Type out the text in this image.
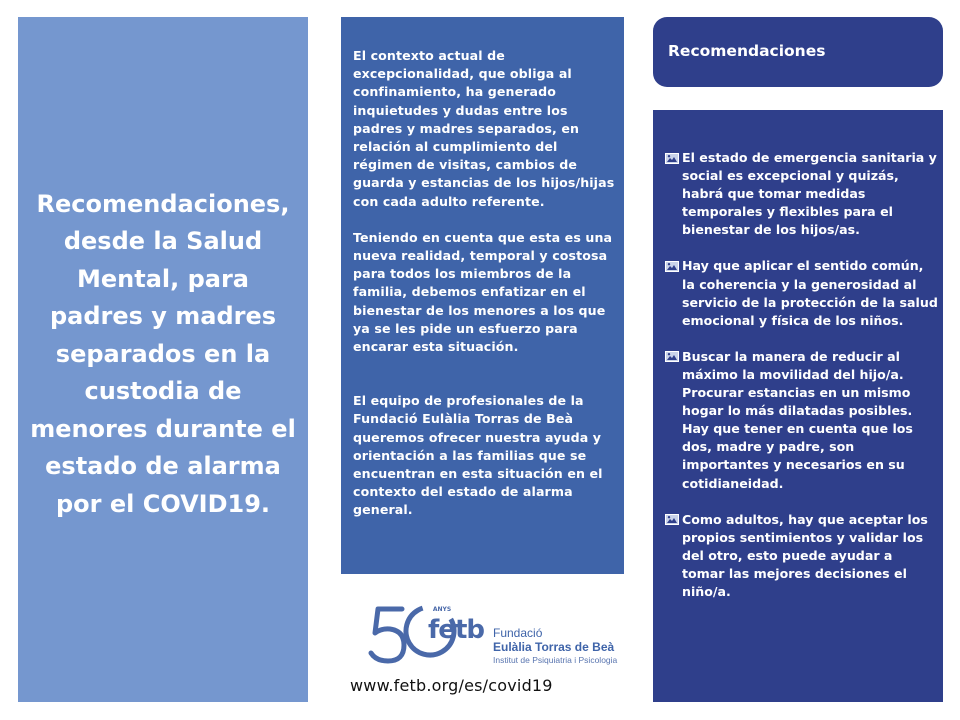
Recomendaciones, desde la Salud Mental, para padres y madres separados en la custodia de menores durante el estado de alarma por el COVID19.

El contexto actual de excepcionalidad, que obliga al confinamiento, ha generado inquietudes y dudas entre los padres y madres separados, en relación al cumplimiento del régimen de visitas, cambios de guarda y estancias de los hijos/hijas con cada adulto referente.

Teniendo en cuenta que esta es una nueva realidad, temporal y costosa para todos los miembros de la familia, debemos enfatizar en el bienestar de los menores a los que ya se les pide un esfuerzo para encarar esta situación.

El equipo de profesionales de la Fundació Eulàlia Torras de Beà queremos ofrecer nuestra ayuda y orientación a las familias que se encuentran en esta situación en el contexto del estado de alarma general.

ANYS
fetb Fundació
Eulàlia Torras de Beà
Institut de Psiquiatria i Psicologia
www.fetb.org/es/covid19
Recomendaciones
El estado de emergencia sanitaria y social es excepcional y quizás, habrá que tomar medidas temporales y flexibles para el bienestar de los hijos/as.
Hay que aplicar el sentido común, la coherencia y la generosidad al servicio de la protección de la salud emocional y física de los niños.
Buscar la manera de reducir al máximo la movilidad del hijo/a. Procurar estancias en un mismo hogar lo más dilatadas posibles. Hay que tener en cuenta que los dos, madre y padre, son importantes y necesarios en su cotidianeidad.
Como adultos, hay que aceptar los propios sentimientos y validar los del otro, esto puede ayudar a tomar las mejores decisiones el niño/a.
